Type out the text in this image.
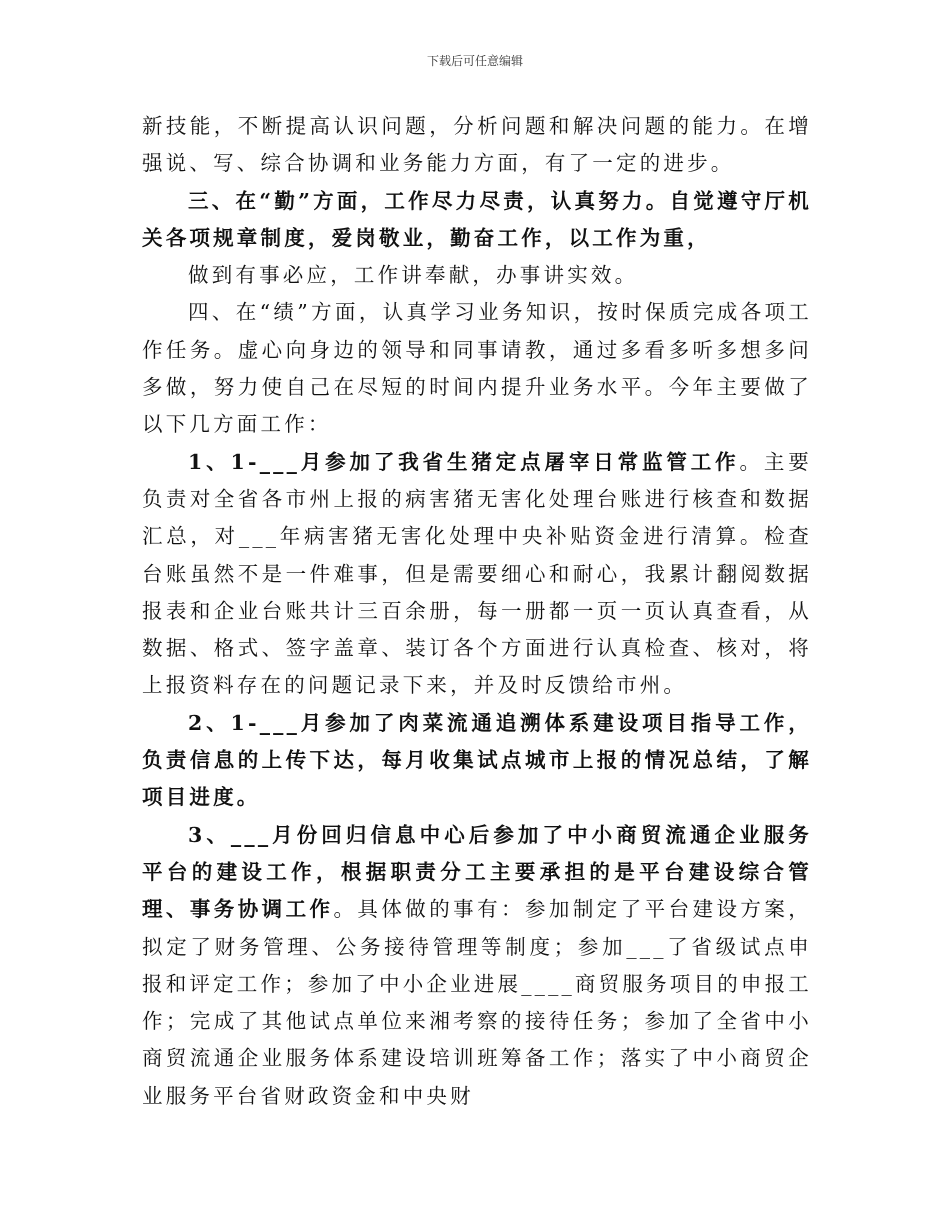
下载后可任意编辑

新技能，不断提高认识问题，分析问题和解决问题的能力。在增强说、写、综合协调和业务能力方面，有了一定的进步。

三、在“勤”方面，工作尽力尽责，认真努力。自觉遵守厅机关各项规章制度，爱岗敬业，勤奋工作，以工作为重，

做到有事必应，工作讲奉献，办事讲实效。

四、在“绩”方面，认真学习业务知识，按时保质完成各项工作任务。虚心向身边的领导和同事请教，通过多看多听多想多问多做，努力使自己在尽短的时间内提升业务水平。今年主要做了以下几方面工作：

1、1-___月参加了我省生猪定点屠宰日常监管工作。主要负责对全省各市州上报的病害猪无害化处理台账进行核查和数据汇总，对___年病害猪无害化处理中央补贴资金进行清算。检查台账虽然不是一件难事，但是需要细心和耐心，我累计翻阅数据报表和企业台账共计三百余册，每一册都一页一页认真查看，从数据、格式、签字盖章、装订各个方面进行认真检查、核对，将上报资料存在的问题记录下来，并及时反馈给市州。

2、1-___月参加了肉菜流通追溯体系建设项目指导工作，负责信息的上传下达，每月收集试点城市上报的情况总结，了解项目进度。

3、___月份回归信息中心后参加了中小商贸流通企业服务平台的建设工作，根据职责分工主要承担的是平台建设综合管理、事务协调工作。具体做的事有：参加制定了平台建设方案，拟定了财务管理、公务接待管理等制度；参加___了省级试点申报和评定工作；参加了中小企业进展____商贸服务项目的申报工作；完成了其他试点单位来湘考察的接待任务；参加了全省中小商贸流通企业服务体系建设培训班筹备工作；落实了中小商贸企业服务平台省财政资金和中央财
